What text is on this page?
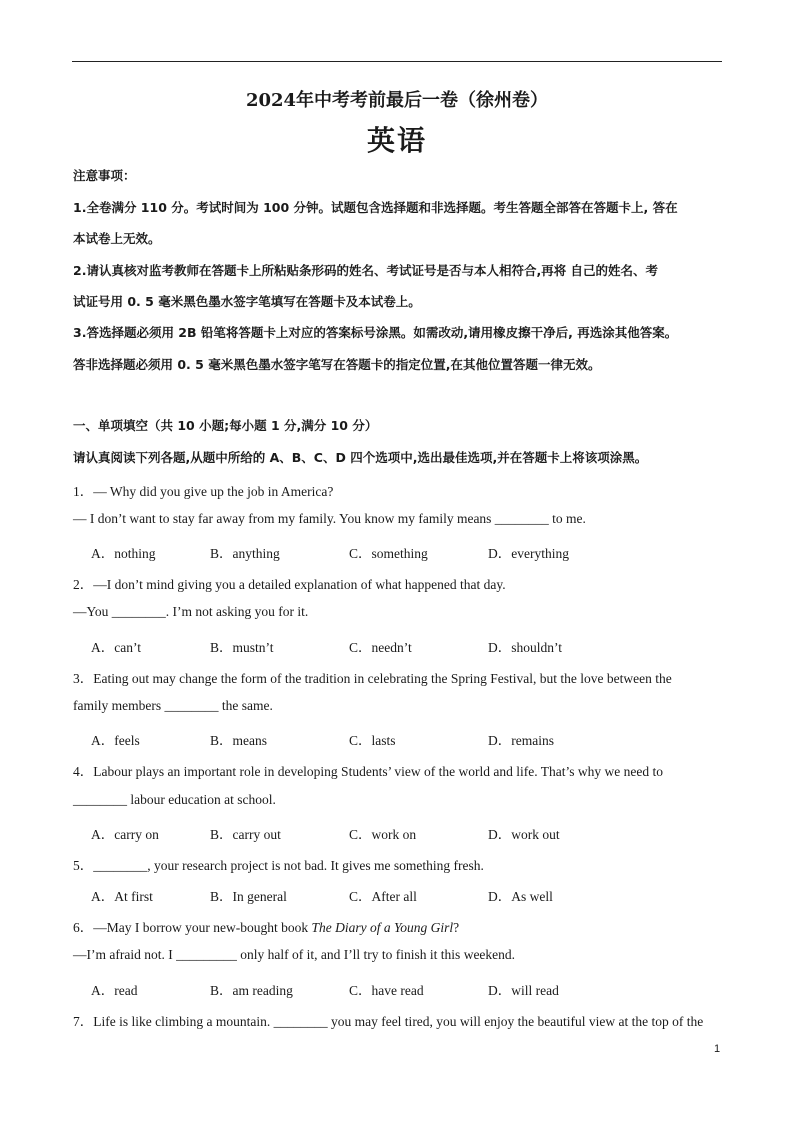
2024年中考考前最后一卷（徐州卷）
英语
注意事项：
1.全卷满分 110 分。考试时间为 100 分钟。试题包含选择题和非选择题。考生答题全部答在答题卡上, 答在
本试卷上无效。
2.请认真核对监考教师在答题卡上所粘贴条形码的姓名、考试证号是否与本人相符合,再将 自己的姓名、考
试证号用 0. 5 毫米黑色墨水签字笔填写在答题卡及本试卷上。
3.答选择题必须用 2B 铅笔将答题卡上对应的答案标号涂黑。如需改动,请用橡皮擦干净后, 再选涂其他答案。
答非选择题必须用 0. 5 毫米黑色墨水签字笔写在答题卡的指定位置,在其他位置答题一律无效。
一、单项填空（共 10 小题;每小题 1 分,满分 10 分）
请认真阅读下列各题,从题中所给的 A、B、C、D 四个选项中,选出最佳选项,并在答题卡上将该项涂黑。
1．— Why did you give up the job in America?
— I don’t want to stay far away from my family. You know my family means ________ to me.
A．nothing	B．anything	C．something	D．everything
2．—I don’t mind giving you a detailed explanation of what happened that day.
—You ________. I’m not asking you for it.
A．can’t	B．mustn’t	C．needn’t	D．shouldn’t
3．Eating out may change the form of the tradition in celebrating the Spring Festival, but the love between the
family members ________ the same.
A．feels	B．means	C．lasts	D．remains
4．Labour plays an important role in developing Students’ view of the world and life. That’s why we need to
________ labour education at school.
A．carry on	B．carry out	C．work on	D．work out
5．________, your research project is not bad. It gives me something fresh.
A．At first	B．In general	C．After all	D．As well
6．—May I borrow your new-bought book The Diary of a Young Girl?
—I’m afraid not. I _________ only half of it, and I’ll try to finish it this weekend.
A．read	B．am reading	C．have read	D．will read
7．Life is like climbing a mountain. ________ you may feel tired, you will enjoy the beautiful view at the top of the
1
